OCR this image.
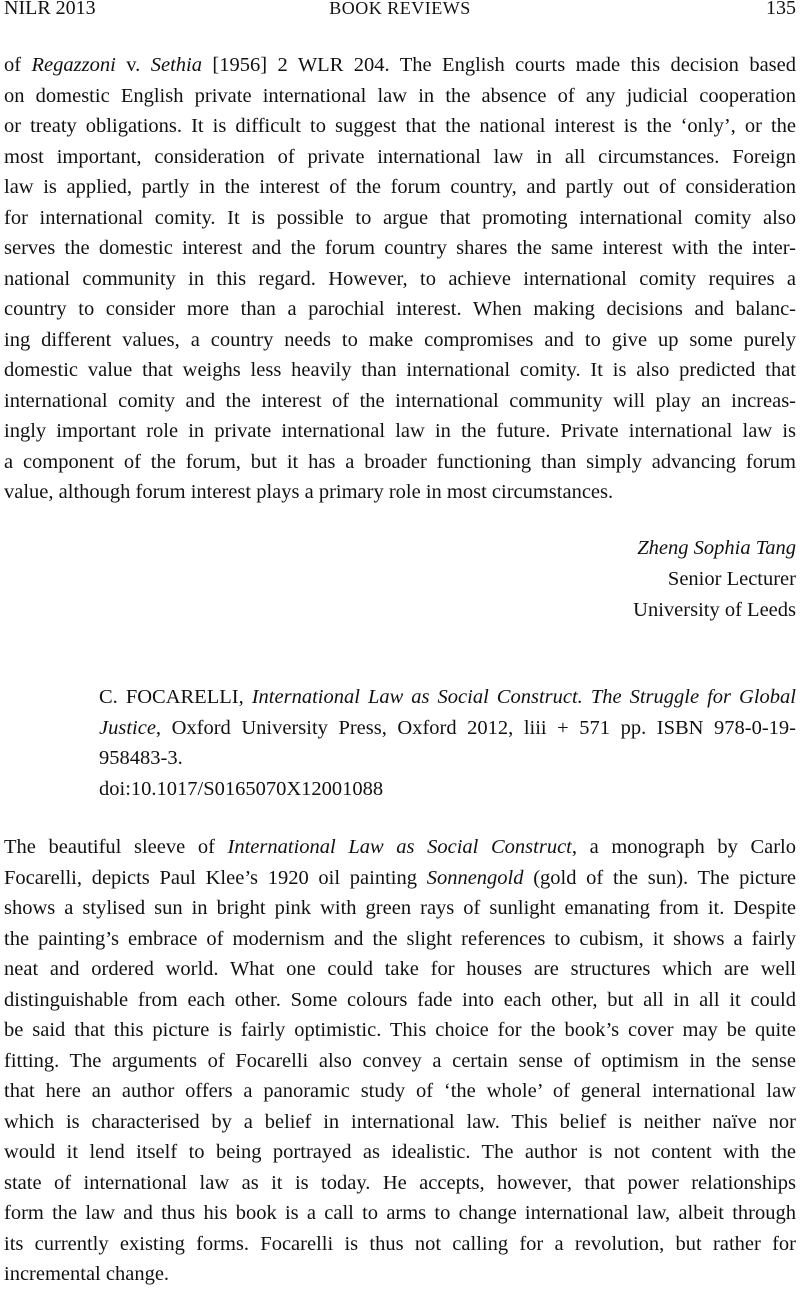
NILR 2013	BOOK REVIEWS	135
of Regazzoni v. Sethia [1956] 2 WLR 204. The English courts made this decision based
on domestic English private international law in the absence of any judicial cooperation
or treaty obligations. It is difficult to suggest that the national interest is the ‘only’, or the
most important, consideration of private international law in all circumstances. Foreign
law is applied, partly in the interest of the forum country, and partly out of consideration
for international comity. It is possible to argue that promoting international comity also
serves the domestic interest and the forum country shares the same interest with the inter-
national community in this regard. However, to achieve international comity requires a
country to consider more than a parochial interest. When making decisions and balanc-
ing different values, a country needs to make compromises and to give up some purely
domestic value that weighs less heavily than international comity. It is also predicted that
international comity and the interest of the international community will play an increas-
ingly important role in private international law in the future. Private international law is
a component of the forum, but it has a broader functioning than simply advancing forum
value, although forum interest plays a primary role in most circumstances.
Zheng Sophia Tang
Senior Lecturer
University of Leeds
C. FOCARELLI, International Law as Social Construct. The Struggle for Global
Justice, Oxford University Press, Oxford 2012, liii + 571 pp. ISBN 978-0-19-
958483-3.
doi:10.1017/S0165070X12001088
The beautiful sleeve of International Law as Social Construct, a monograph by Carlo
Focarelli, depicts Paul Klee’s 1920 oil painting Sonnengold (gold of the sun). The picture
shows a stylised sun in bright pink with green rays of sunlight emanating from it. Despite
the painting’s embrace of modernism and the slight references to cubism, it shows a fairly
neat and ordered world. What one could take for houses are structures which are well
distinguishable from each other. Some colours fade into each other, but all in all it could
be said that this picture is fairly optimistic. This choice for the book’s cover may be quite
fitting. The arguments of Focarelli also convey a certain sense of optimism in the sense
that here an author offers a panoramic study of ‘the whole’ of general international law
which is characterised by a belief in international law. This belief is neither naïve nor
would it lend itself to being portrayed as idealistic. The author is not content with the
state of international law as it is today. He accepts, however, that power relationships
form the law and thus his book is a call to arms to change international law, albeit through
its currently existing forms. Focarelli is thus not calling for a revolution, but rather for
incremental change.
